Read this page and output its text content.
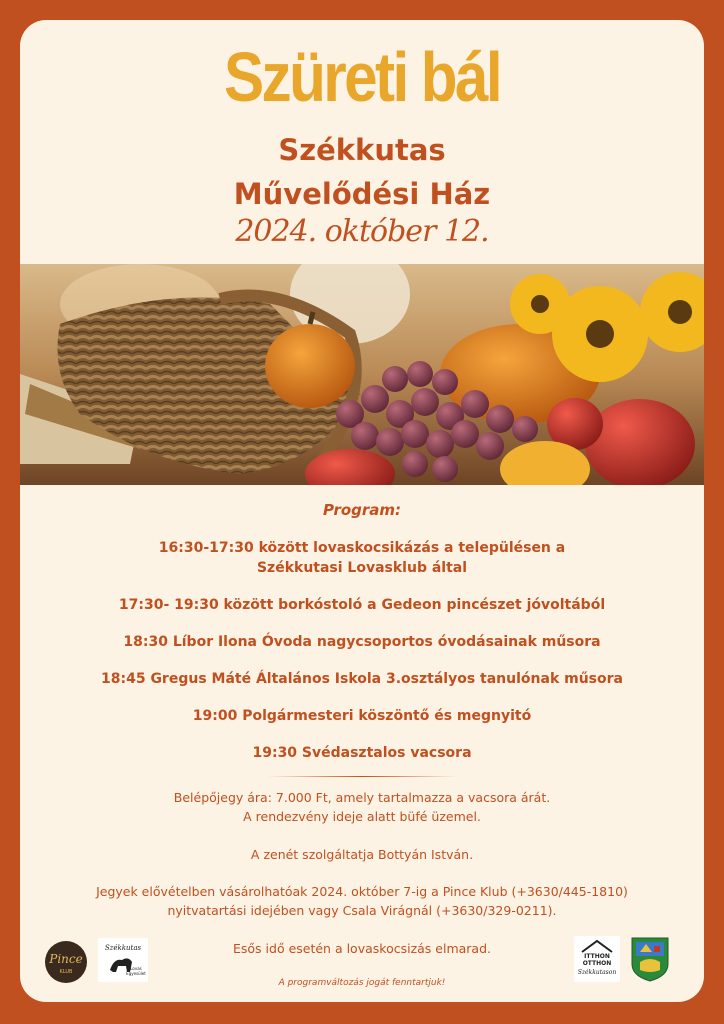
Szüreti bál
Székkutas
Művelődési Ház
2024. október 12.
Program:
16:30-17:30 között lovaskocsikázás a településen a
Székkutasi Lovasklub által
17:30- 19:30 között borkóstoló a Gedeon pincészet jóvoltából
18:30 Líbor Ilona Óvoda nagycsoportos óvodásainak műsora
18:45 Gregus Máté Általános Iskola 3.osztályos tanulónak műsora
19:00 Polgármesteri köszöntő és megnyitó
19:30 Svédasztalos vacsora
Belépőjegy ára: 7.000 Ft, amely tartalmazza a vacsora árát.
A rendezvény ideje alatt büfé üzemel.
A zenét szolgáltatja Bottyán István.
Jegyek elővételben vásárolhatóak 2024. október 7-ig a Pince Klub (+3630/445-1810)
nyitvatartási idejében vagy Csala Virágnál (+3630/329-0211).
Esős idő esetén a lovaskocsizás elmarad.
A programváltozás jogát fenntartjuk!
Pince
KLUB
Székkutas
Lovas
Egyesület
ITTHON
OTTHON
Székkutason
